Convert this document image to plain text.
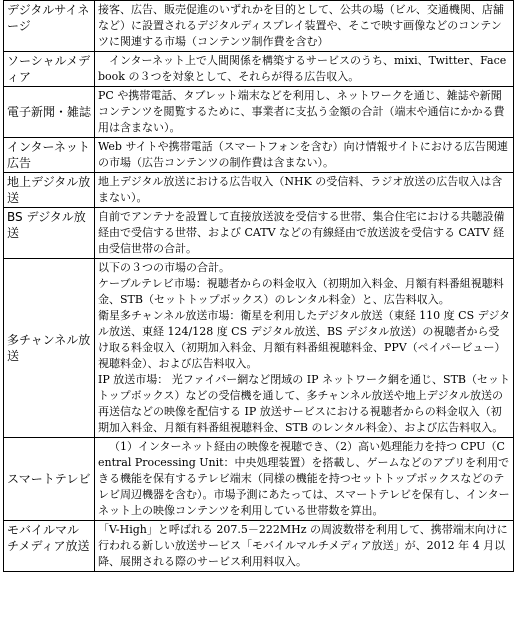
デジタルサイネージ	接客、広告、販売促進のいずれかを目的として、公共の場（ビル、交通機関、店舗など）に設置されるデジタルディスプレイ装置や、そこで映す画像などのコンテンツに関連する市場（コンテンツ制作費を含む）

ソーシャルメディア	インターネット上で人間関係を構築するサービスのうち、mixi、Twitter、Facebook の３つを対象として、それらが得る広告収入。

電子新聞・雑誌	PC や携帯電話、タブレット端末などを利用し、ネットワークを通じ、雑誌や新聞コンテンツを閲覧するために、事業者に支払う金額の合計（端末や通信にかかる費用は含まない）。

インターネット広告	Web サイトや携帯電話（スマートフォンを含む）向け情報サイトにおける広告関連の市場（広告コンテンツの制作費は含まない）。

地上デジタル放送	地上デジタル放送における広告収入（NHK の受信料、ラジオ放送の広告収入は含まない）。

BS デジタル放送	自前でアンテナを設置して直接放送波を受信する世帯、集合住宅における共聴設備経由で受信する世帯、および CATV などの有線経由で放送波を受信する CATV 経由受信世帯の合計。

多チャンネル放送	以下の３つの市場の合計。

ケーブルテレビ市場：視聴者からの料金収入（初期加入料金、月額有料番組視聴料金、STB（セットトップボックス）のレンタル料金）と、広告料収入。

衛星多チャンネル放送市場：衛星を利用したデジタル放送（東経 110 度 CS デジタル放送、東経 124/128 度 CS デジタル放送、BS デジタル放送）の視聴者から受け取る料金収入（初期加入料金、月額有料番組視聴料金、PPV（ペイパービュー）視聴料金）、および広告料収入。

IP 放送市場： 光ファイバー網など閉域の IP ネットワーク網を通じ、STB（セットトップボックス）などの受信機を通して、多チャンネル放送や地上デジタル放送の再送信などの映像を配信する IP 放送サービスにおける視聴者からの料金収入（初期加入料金、月額有料番組視聴料金、STB のレンタル料金）、および広告料収入。

スマートテレビ	（1）インターネット経由の映像を視聴でき、（2）高い処理能力を持つ CPU（Central Processing Unit：中央処理装置）を搭載し、ゲームなどのアプリを利用できる機能を保有するテレビ端末（同様の機能を持つセットトップボックスなどのテレビ周辺機器を含む）。市場予測にあたっては、スマートテレビを保有し、インターネット上の映像コンテンツを利用している世帯数を算出。

モバイルマルチメディア放送	「V-High」と呼ばれる 207.5－222MHz の周波数帯を利用して、携帯端末向けに行われる新しい放送サービス「モバイルマルチメディア放送」が、2012 年 4 月以降、展開される際のサービス利用料収入。
